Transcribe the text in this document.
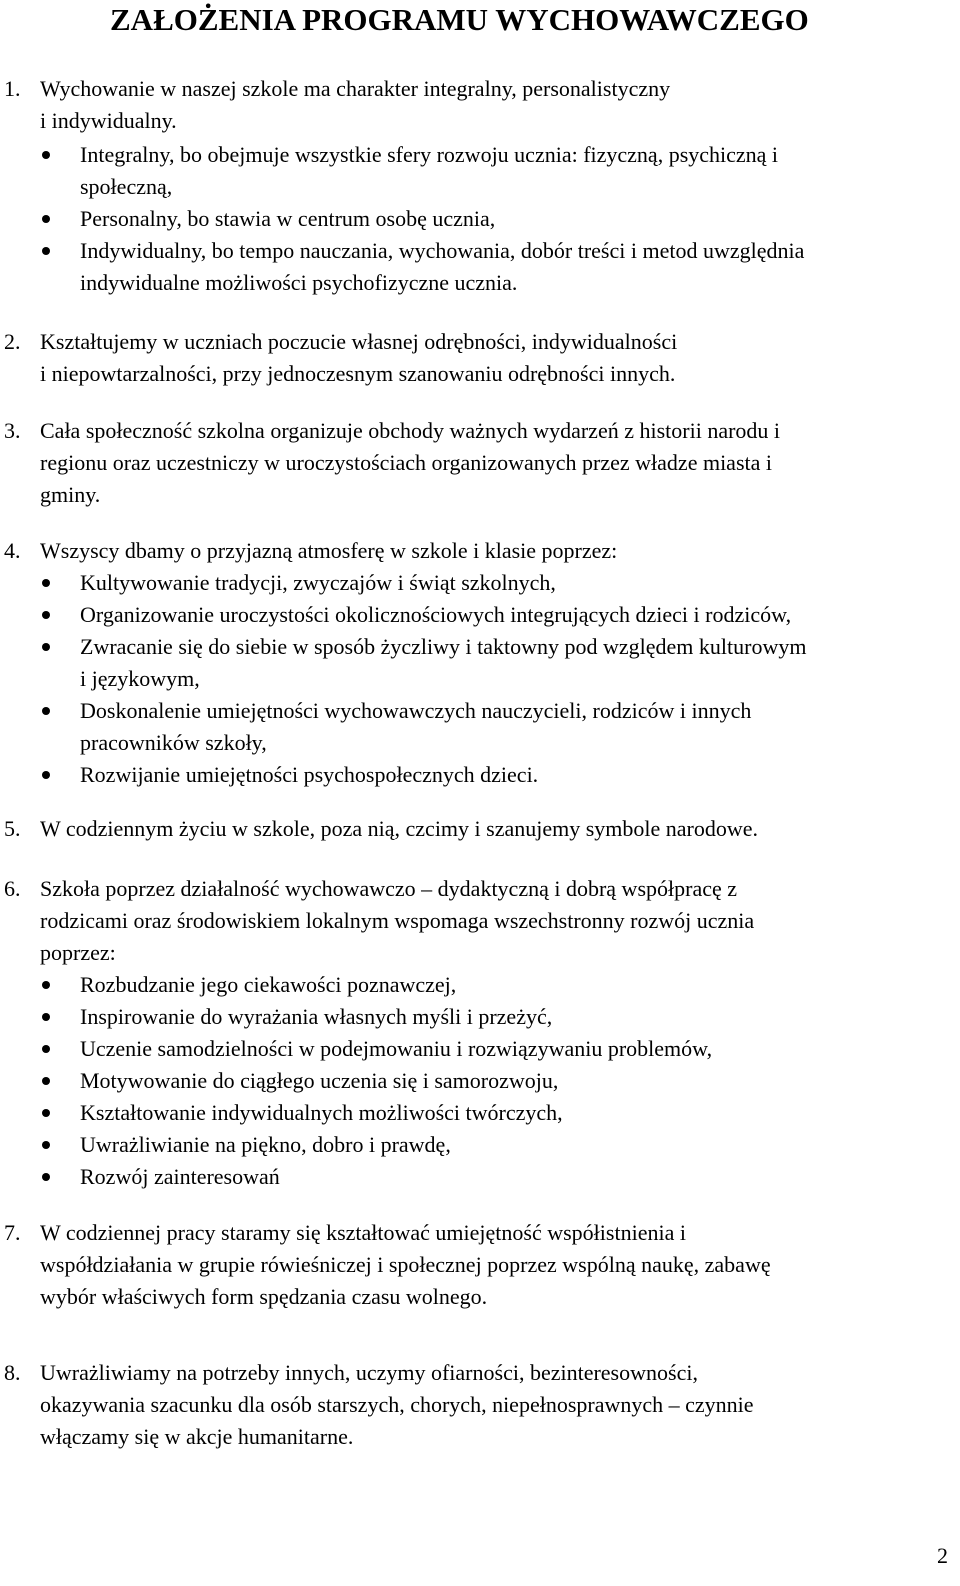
ZAŁOŻENIA PROGRAMU WYCHOWAWCZEGO
1. Wychowanie w naszej szkole ma charakter integralny, personalistyczny
i indywidualny.
Integralny, bo obejmuje wszystkie sfery rozwoju ucznia: fizyczną, psychiczną i
społeczną,
Personalny, bo stawia w centrum osobę ucznia,
Indywidualny, bo tempo nauczania, wychowania, dobór treści i metod uwzględnia
indywidualne możliwości psychofizyczne ucznia.
2. Kształtujemy w uczniach poczucie własnej odrębności, indywidualności
i niepowtarzalności, przy jednoczesnym szanowaniu odrębności innych.
3. Cała społeczność szkolna organizuje obchody ważnych wydarzeń z historii narodu i
regionu oraz uczestniczy w uroczystościach organizowanych przez władze miasta i
gminy.
4. Wszyscy dbamy o przyjazną atmosferę w szkole i klasie poprzez:
Kultywowanie tradycji, zwyczajów i świąt szkolnych,
Organizowanie uroczystości okolicznościowych integrujących dzieci i rodziców,
Zwracanie się do siebie w sposób życzliwy i taktowny pod względem kulturowym
i językowym,
Doskonalenie umiejętności wychowawczych nauczycieli, rodziców i innych
pracowników szkoły,
Rozwijanie umiejętności psychospołecznych dzieci.
5. W codziennym życiu w szkole, poza nią, czcimy i szanujemy symbole narodowe.
6. Szkoła poprzez działalność wychowawczo – dydaktyczną i dobrą współpracę z
rodzicami oraz środowiskiem lokalnym wspomaga wszechstronny rozwój ucznia
poprzez:
Rozbudzanie jego ciekawości poznawczej,
Inspirowanie do wyrażania własnych myśli i przeżyć,
Uczenie samodzielności w podejmowaniu i rozwiązywaniu problemów,
Motywowanie do ciągłego uczenia się i samorozwoju,
Kształtowanie indywidualnych możliwości twórczych,
Uwrażliwianie na piękno, dobro i prawdę,
Rozwój zainteresowań
7. W codziennej pracy staramy się kształtować umiejętność współistnienia i
współdziałania w grupie rówieśniczej i społecznej poprzez wspólną naukę, zabawę
wybór właściwych form spędzania czasu wolnego.
8. Uwrażliwiamy na potrzeby innych, uczymy ofiarności, bezinteresowności,
okazywania szacunku dla osób starszych, chorych, niepełnosprawnych – czynnie
włączamy się w akcje humanitarne.
2
